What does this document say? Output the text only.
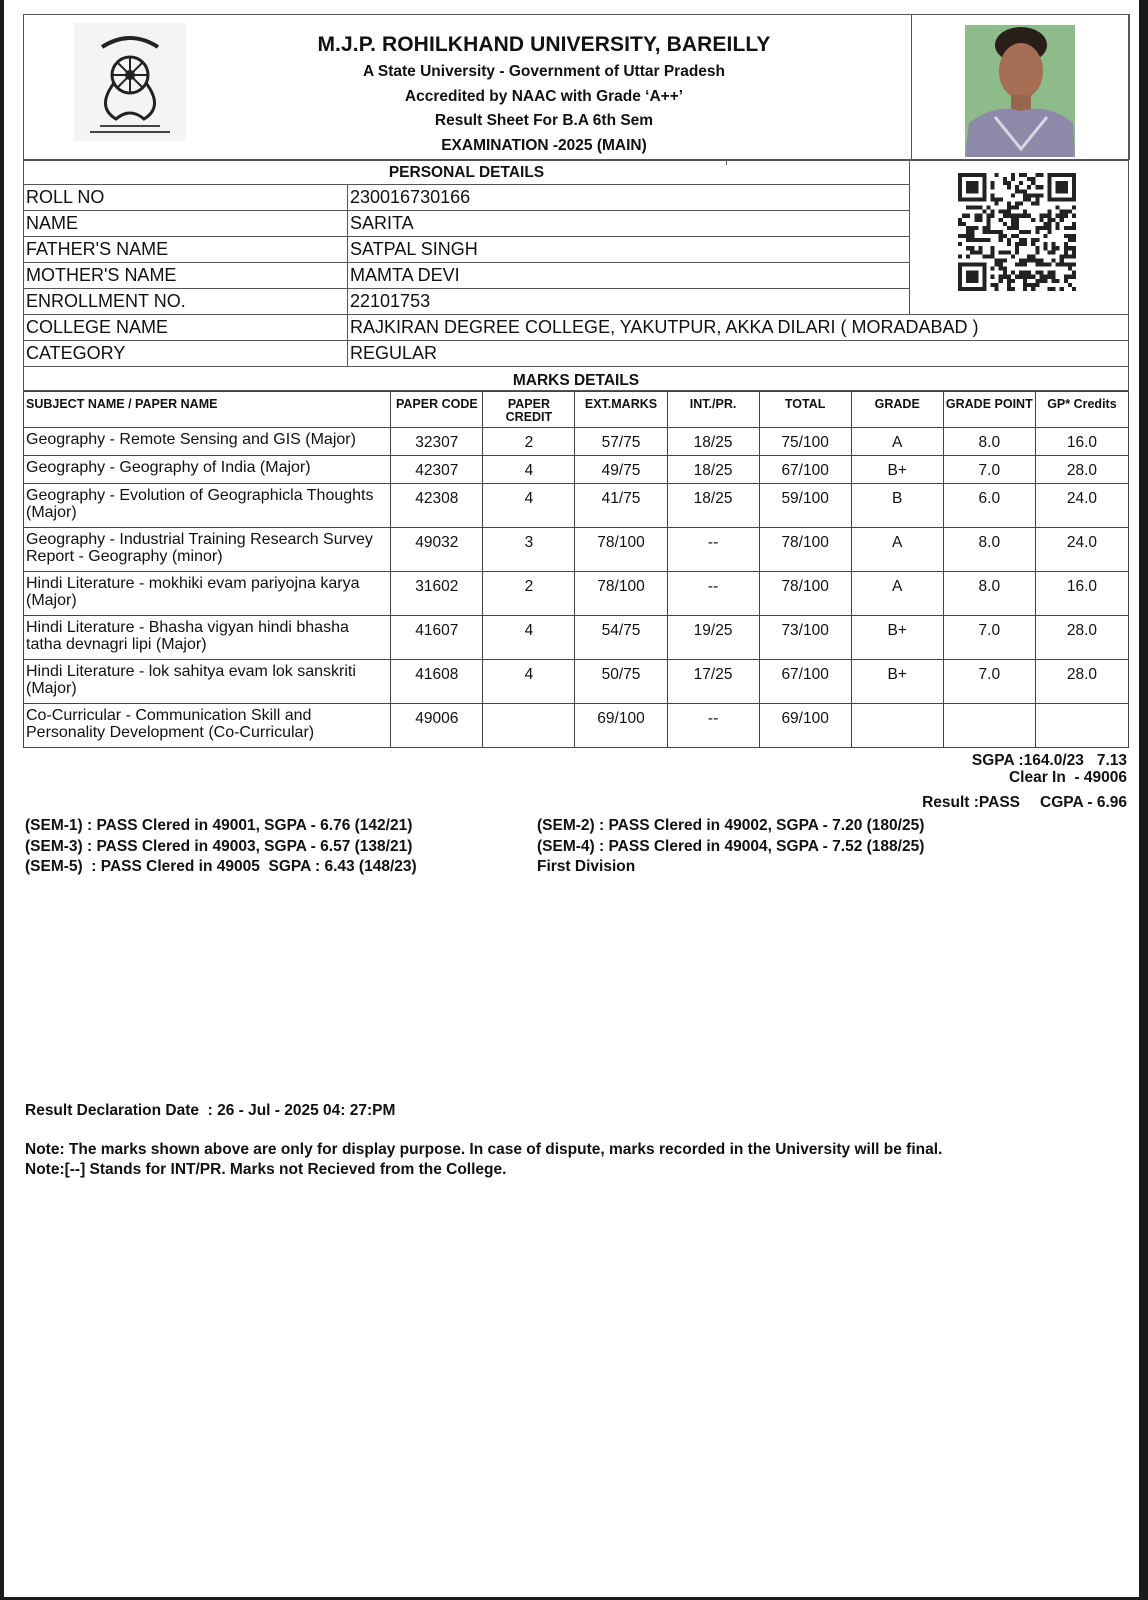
M.J.P. ROHILKHAND UNIVERSITY, BAREILLY
A State University - Government of Uttar Pradesh
Accredited by NAAC with Grade ‘A++’
Result Sheet For B.A 6th Sem
EXAMINATION -2025 (MAIN)
PERSONAL DETAILS	

ROLL NO	230016730166	
NAME	SARITA	
FATHER'S NAME	SATPAL SINGH	
MOTHER'S NAME	MAMTA DEVI	
ENROLLMENT NO.	22101753	
COLLEGE NAME	RAJKIRAN DEGREE COLLEGE, YAKUTPUR, AKKA DILARI ( MORADABAD )	
CATEGORY	REGULAR	
MARKS DETAILS
SUBJECT NAME / PAPER NAME	PAPER CODE	PAPER CREDIT	EXT.MARKS	INT./PR.	TOTAL	GRADE	GRADE POINT	GP* Credits
Geography - Remote Sensing and GIS (Major)	32307	2	57/75	18/25	75/100	A	8.0	16.0
Geography - Geography of India (Major)	42307	4	49/75	18/25	67/100	B+	7.0	28.0
Geography - Evolution of Geographicla Thoughts (Major)	42308	4	41/75	18/25	59/100	B	6.0	24.0
Geography - Industrial Training Research Survey Report - Geography (minor)	49032	3	78/100	--	78/100	A	8.0	24.0
Hindi Literature - mokhiki evam pariyojna karya (Major)	31602	2	78/100	--	78/100	A	8.0	16.0
Hindi Literature - Bhasha vigyan hindi bhasha tatha devnagri lipi (Major)	41607	4	54/75	19/25	73/100	B+	7.0	28.0
Hindi Literature - lok sahitya evam lok sanskriti (Major)	41608	4	50/75	17/25	67/100	B+	7.0	28.0
Co-Curricular - Communication Skill and Personality Development (Co-Curricular)	49006		69/100	--	69/100			
SGPA :164.0/23   7.13
Clear In  - 49006
Result :PASS CGPA - 6.96
(SEM-1) : PASS Clered in 49001, SGPA - 6.76 (142/21)
(SEM-3) : PASS Clered in 49003, SGPA - 6.57 (138/21)
(SEM-5)  : PASS Clered in 49005  SGPA : 6.43 (148/23)
(SEM-2) : PASS Clered in 49002, SGPA - 7.20 (180/25)
(SEM-4) : PASS Clered in 49004, SGPA - 7.52 (188/25)
First Division
Result Declaration Date  : 26 - Jul - 2025 04: 27:PM
Note: The marks shown above are only for display purpose. In case of dispute, marks recorded in the University will be final.
Note:[--] Stands for INT/PR. Marks not Recieved from the College.
